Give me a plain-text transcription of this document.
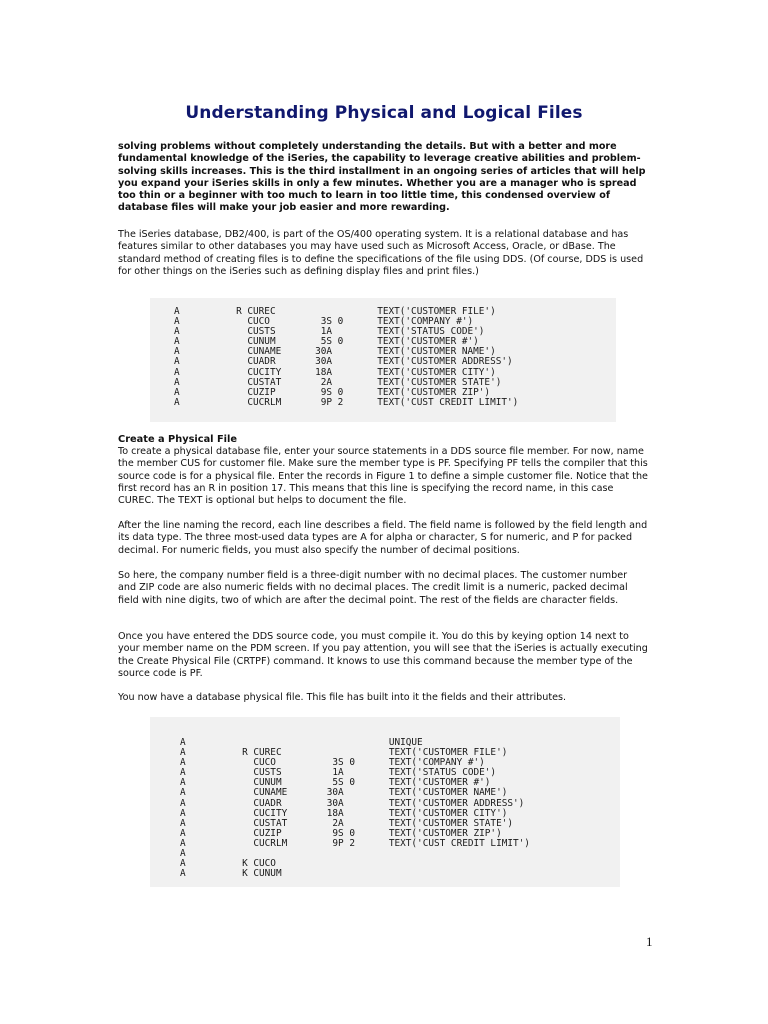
Understanding Physical and Logical Files

solving problems without completely understanding the details. But with a better and more fundamental knowledge of the iSeries, the capability to leverage creative abilities and problem-solving skills increases. This is the third installment in an ongoing series of articles that will help you expand your iSeries skills in only a few minutes. Whether you are a manager who is spread too thin or a beginner with too much to learn in too little time, this condensed overview of database files will make your job easier and more rewarding.

The iSeries database, DB2/400, is part of the OS/400 operating system. It is a relational database and has features similar to other databases you may have used such as Microsoft Access, Oracle, or dBase. The standard method of creating files is to define the specifications of the file using DDS. (Of course, DDS is used for other things on the iSeries such as defining display files and print files.)

A          R CUREC                  TEXT('CUSTOMER FILE')
A            CUCO         3S 0      TEXT('COMPANY #')
A            CUSTS        1A        TEXT('STATUS CODE')
A            CUNUM        5S 0      TEXT('CUSTOMER #')
A            CUNAME      30A        TEXT('CUSTOMER NAME')
A            CUADR       30A        TEXT('CUSTOMER ADDRESS')
A            CUCITY      18A        TEXT('CUSTOMER CITY')
A            CUSTAT       2A        TEXT('CUSTOMER STATE')
A            CUZIP        9S 0      TEXT('CUSTOMER ZIP')
A            CUCRLM       9P 2      TEXT('CUST CREDIT LIMIT')
Create a Physical File

To create a physical database file, enter your source statements in a DDS source file member. For now, name the member CUS for customer file. Make sure the member type is PF. Specifying PF tells the compiler that this source code is for a physical file. Enter the records in Figure 1 to define a simple customer file. Notice that the first record has an R in position 17. This means that this line is specifying the record name, in this case CUREC. The TEXT is optional but helps to document the file.

After the line naming the record, each line describes a field. The field name is followed by the field length and its data type. The three most-used data types are A for alpha or character, S for numeric, and P for packed decimal. For numeric fields, you must also specify the number of decimal positions.

So here, the company number field is a three-digit number with no decimal places. The customer number and ZIP code are also numeric fields with no decimal places. The credit limit is a numeric, packed decimal field with nine digits, two of which are after the decimal point. The rest of the fields are character fields.

Once you have entered the DDS source code, you must compile it. You do this by keying option 14 next to your member name on the PDM screen. If you pay attention, you will see that the iSeries is actually executing the Create Physical File (CRTPF) command. It knows to use this command because the member type of the source code is PF.

You now have a database physical file. This file has built into it the fields and their attributes.

A                                    UNIQUE
A          R CUREC                   TEXT('CUSTOMER FILE')
A            CUCO          3S 0      TEXT('COMPANY #')
A            CUSTS         1A        TEXT('STATUS CODE')
A            CUNUM         5S 0      TEXT('CUSTOMER #')
A            CUNAME       30A        TEXT('CUSTOMER NAME')
A            CUADR        30A        TEXT('CUSTOMER ADDRESS')
A            CUCITY       18A        TEXT('CUSTOMER CITY')
A            CUSTAT        2A        TEXT('CUSTOMER STATE')
A            CUZIP         9S 0      TEXT('CUSTOMER ZIP')
A            CUCRLM        9P 2      TEXT('CUST CREDIT LIMIT')
A
A          K CUCO
A          K CUNUM
1
